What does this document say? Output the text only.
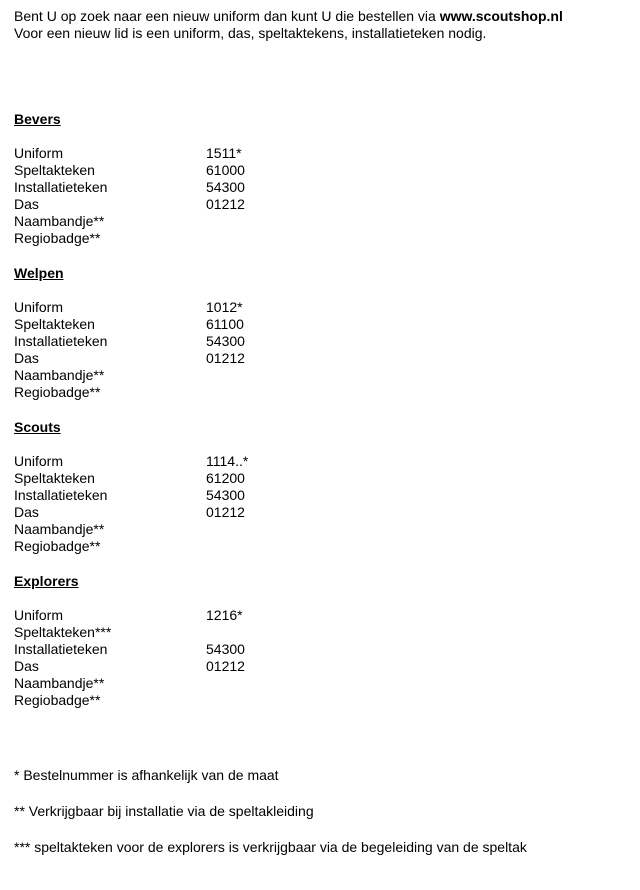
Bent U op zoek naar een nieuw uniform dan kunt U die bestellen via www.scoutshop.nl
Voor een nieuw lid is een uniform, das, speltaktekens, installatieteken nodig.
Bevers
Uniform	1511*
Speltakteken	61000
Installatieteken	54300
Das	01212
Naambandje**
Regiobadge**
Welpen
Uniform	1012*
Speltakteken	61100
Installatieteken	54300
Das	01212
Naambandje**
Regiobadge**
Scouts
Uniform	1114..*
Speltakteken	61200
Installatieteken	54300
Das	01212
Naambandje**
Regiobadge**
Explorers
Uniform	1216*
Speltakteken***
Installatieteken	54300
Das	01212
Naambandje**
Regiobadge**
* Bestelnummer is afhankelijk van de maat
** Verkrijgbaar bij installatie via de speltakleiding
*** speltakteken voor de explorers is verkrijgbaar via de begeleiding van de speltak
